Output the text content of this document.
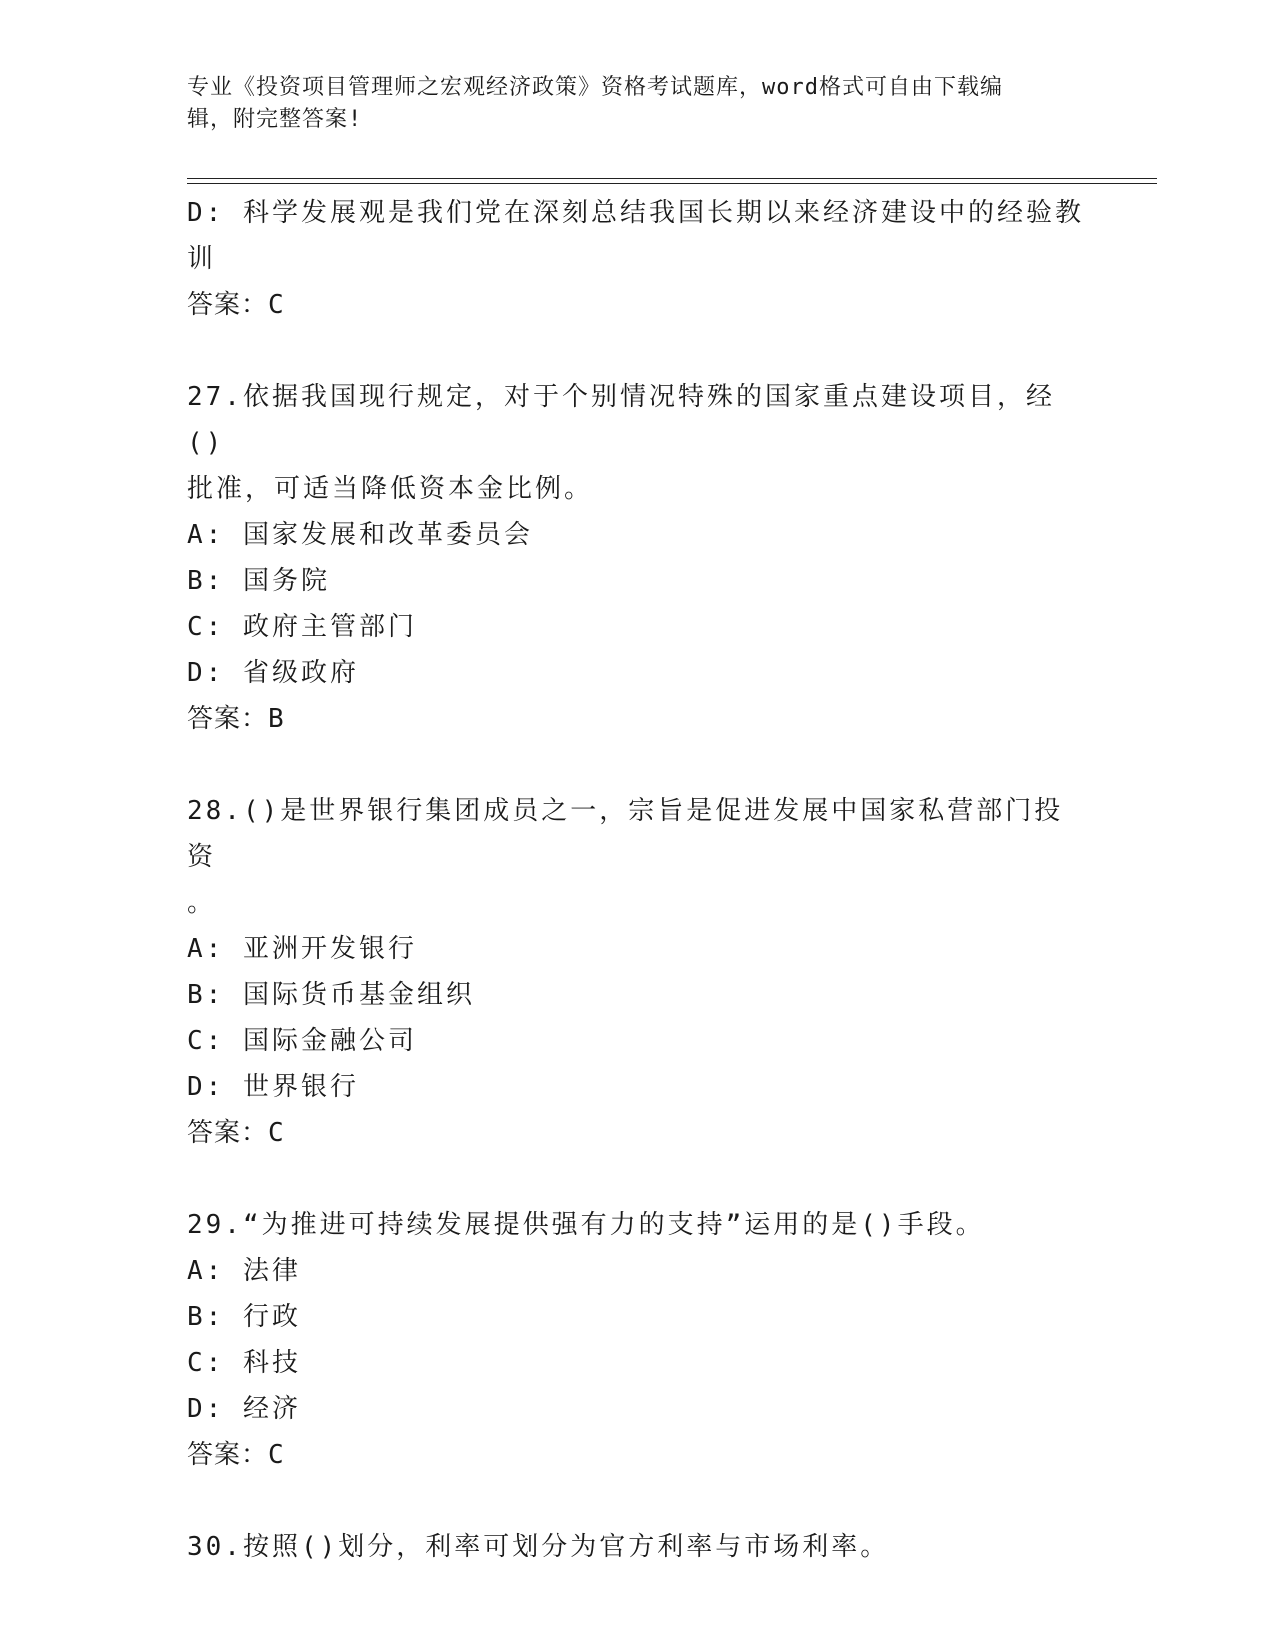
专业《投资项目管理师之宏观经济政策》资格考试题库，word格式可自由下载编
辑，附完整答案!
D: 科学发展观是我们党在深刻总结我国长期以来经济建设中的经验教
训
答案：C
27.依据我国现行规定，对于个别情况特殊的国家重点建设项目，经()
批准，可适当降低资本金比例。
A: 国家发展和改革委员会
B: 国务院
C: 政府主管部门
D: 省级政府
答案：B
28.()是世界银行集团成员之一，宗旨是促进发展中国家私营部门投资
。
A: 亚洲开发银行
B: 国际货币基金组织
C: 国际金融公司
D: 世界银行
答案：C
29.“为推进可持续发展提供强有力的支持”运用的是()手段。
A: 法律
B: 行政
C: 科技
D: 经济
答案：C
30.按照()划分，利率可划分为官方利率与市场利率。
